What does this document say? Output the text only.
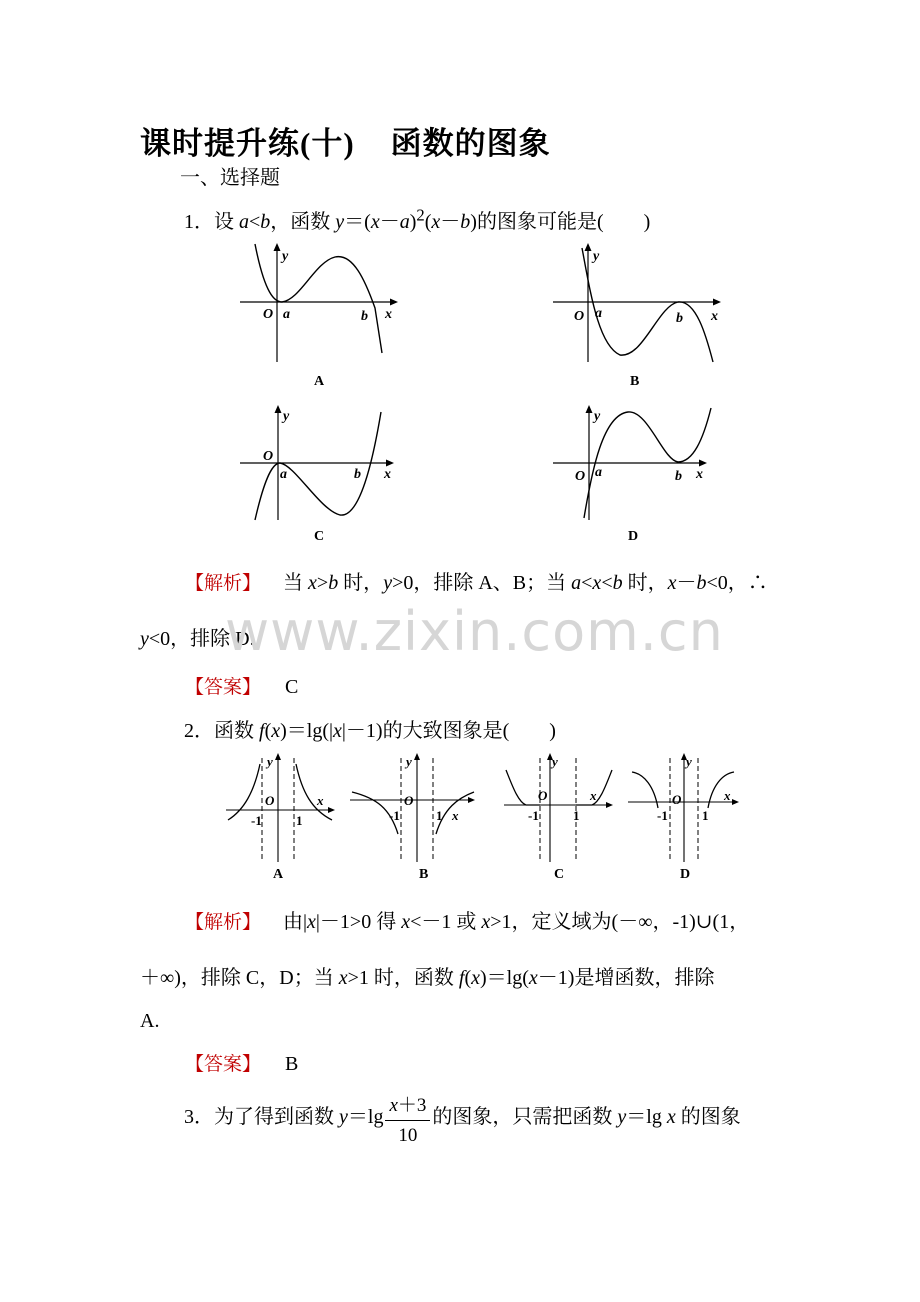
课时提升练(十) 函数的图象
一、选择题
1．设 a<b，函数 $y=(x-a)^2(x-b)$的图象可能是(　　)
O a	b x
y
A
O a	b x
y
B
O
a	b x
y
C
O a	b x
y
D
【解析】 当 x>b 时，y>0，排除 A、B；当 a<x<b 时，x－b<0，∴
y<0，排除 D.
【答案】 C
2．函数 f(x)＝lg(|x|－1)的大致图象是(　　)
O
-1	1
x
y
A
O
-1	1 x
y
B
O
-1	1
x
y
C
O
-1	1
x
y
D
【解析】 由|x|－1>0 得 x<－1 或 x>1，定义域为(－∞，-1)∪(1，
＋∞)，排除 C，D；当 x>1 时，函数 f(x)＝lg(x－1)是增函数，排除
A.
【答案】 B
3．为了得到函数 $y=\lg \frac{x+3}{10}$ 的图象，只需把函数 y＝lg x 的图象
www.zixin.com.cn
